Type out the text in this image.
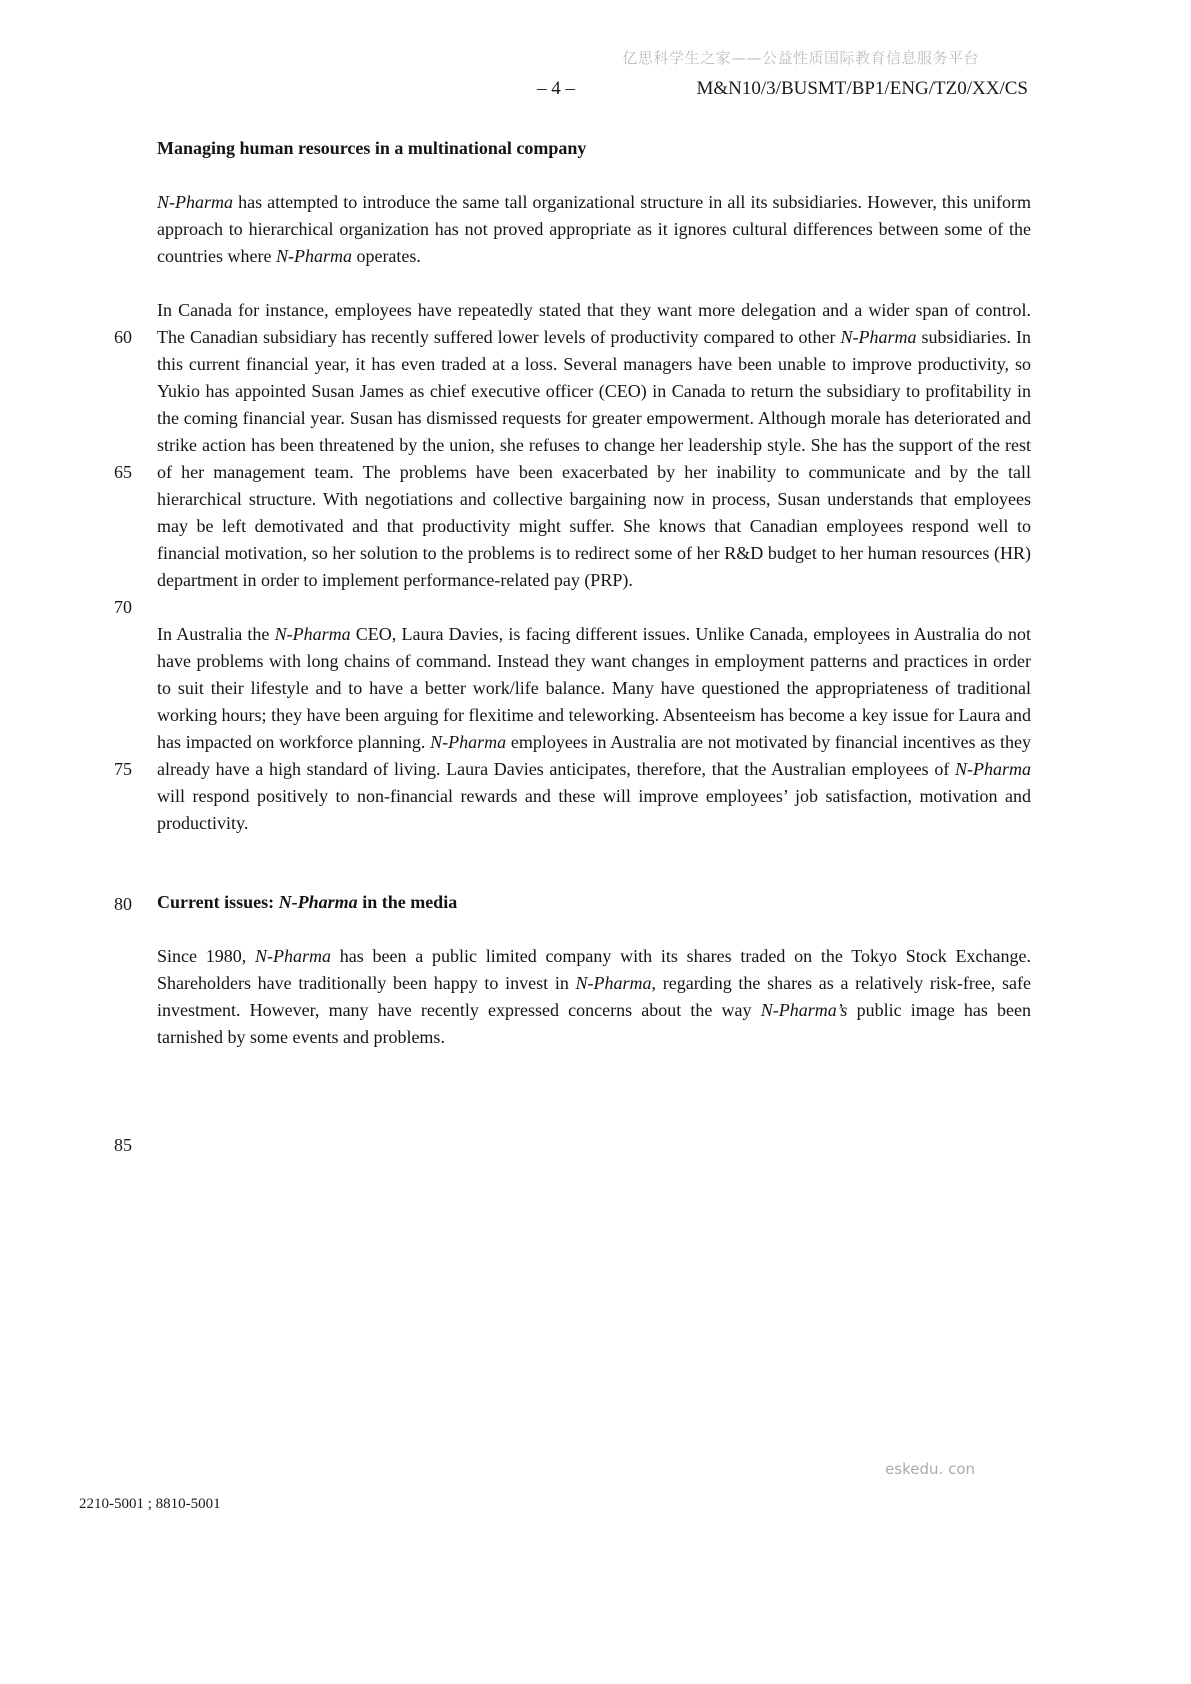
亿思科学生之家——公益性质国际教育信息服务平台
– 4 –	M&N10/3/BUSMT/BP1/ENG/TZ0/XX/CS
60
65
70
75
80
85
Managing human resources in a multinational company

N-Pharma has attempted to introduce the same tall organizational structure in all its subsidiaries. However, this uniform approach to hierarchical organization has not proved appropriate as it ignores cultural differences between some of the countries where N-Pharma operates.

In Canada for instance, employees have repeatedly stated that they want more delegation and a wider span of control. The Canadian subsidiary has recently suffered lower levels of productivity compared to other N-Pharma subsidiaries. In this current financial year, it has even traded at a loss. Several managers have been unable to improve productivity, so Yukio has appointed Susan James as chief executive officer (CEO) in Canada to return the subsidiary to profitability in the coming financial year. Susan has dismissed requests for greater empowerment. Although morale has deteriorated and strike action has been threatened by the union, she refuses to change her leadership style. She has the support of the rest of her management team. The problems have been exacerbated by her inability to communicate and by the tall hierarchical structure. With negotiations and collective bargaining now in process, Susan understands that employees may be left demotivated and that productivity might suffer. She knows that Canadian employees respond well to financial motivation, so her solution to the problems is to redirect some of her R&D budget to her human resources (HR) department in order to implement performance-related pay (PRP).

In Australia the N-Pharma CEO, Laura Davies, is facing different issues. Unlike Canada, employees in Australia do not have problems with long chains of command. Instead they want changes in employment patterns and practices in order to suit their lifestyle and to have a better work/life balance. Many have questioned the appropriateness of traditional working hours; they have been arguing for flexitime and teleworking. Absenteeism has become a key issue for Laura and has impacted on workforce planning. N-Pharma employees in Australia are not motivated by financial incentives as they already have a high standard of living. Laura Davies anticipates, therefore, that the Australian employees of N-Pharma will respond positively to non-financial rewards and these will improve employees’ job satisfaction, motivation and productivity.

Current issues: N-Pharma in the media

Since 1980, N-Pharma has been a public limited company with its shares traded on the Tokyo Stock Exchange. Shareholders have traditionally been happy to invest in N-Pharma, regarding the shares as a relatively risk-free, safe investment. However, many have recently expressed concerns about the way N-Pharma’s public image has been tarnished by some events and problems.

2210-5001 ; 8810-5001
eskedu. con
